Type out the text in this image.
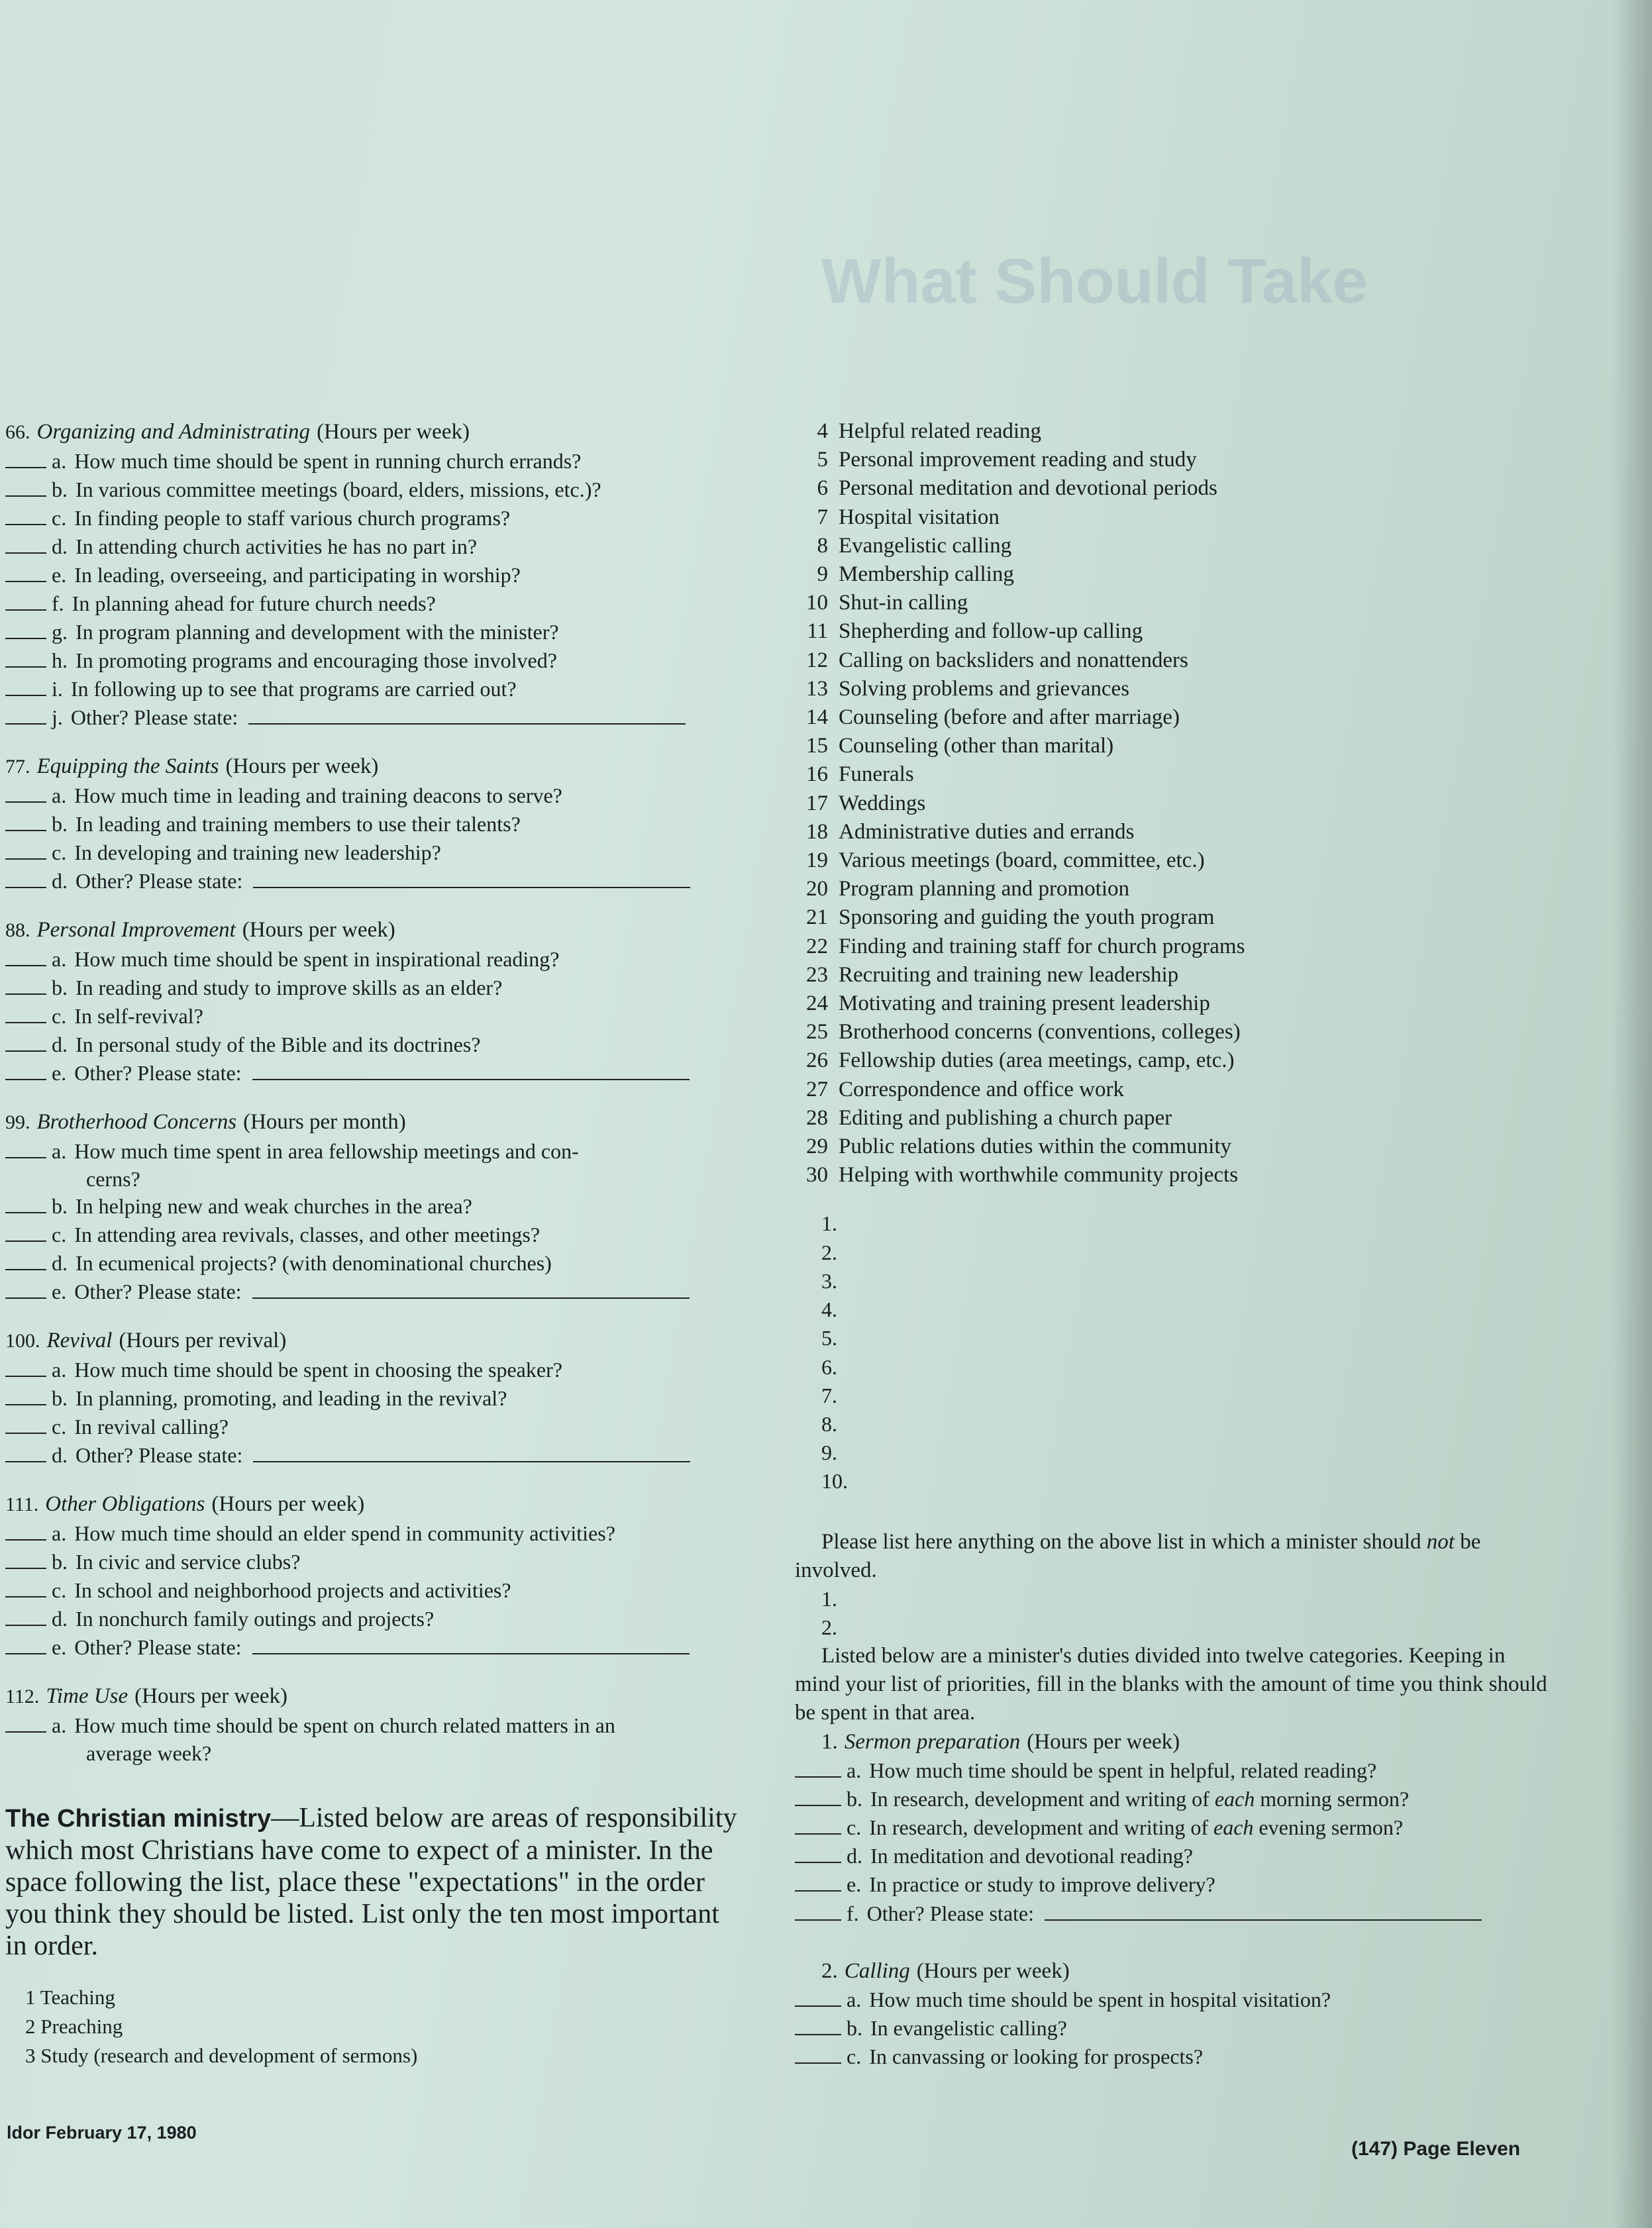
What Should Take
66. Organizing and Administrating (Hours per week)
a. How much time should be spent in running church errands?
b. In various committee meetings (board, elders, missions, etc.)?
c. In finding people to staff various church programs?
d. In attending church activities he has no part in?
e. In leading, overseeing, and participating in worship?
f. In planning ahead for future church needs?
g. In program planning and development with the minister?
h. In promoting programs and encouraging those involved?
i. In following up to see that programs are carried out?
j. Other? Please state:
77. Equipping the Saints (Hours per week)
a. How much time in leading and training deacons to serve?
b. In leading and training members to use their talents?
c. In developing and training new leadership?
d. Other? Please state:
88. Personal Improvement (Hours per week)
a. How much time should be spent in inspirational reading?
b. In reading and study to improve skills as an elder?
c. In self-revival?
d. In personal study of the Bible and its doctrines?
e. Other? Please state:
99. Brotherhood Concerns (Hours per month)
a. How much time spent in area fellowship meetings and con-
cerns?
b. In helping new and weak churches in the area?
c. In attending area revivals, classes, and other meetings?
d. In ecumenical projects? (with denominational churches)
e. Other? Please state:
100. Revival (Hours per revival)
a. How much time should be spent in choosing the speaker?
b. In planning, promoting, and leading in the revival?
c. In revival calling?
d. Other? Please state:
111. Other Obligations (Hours per week)
a. How much time should an elder spend in community activities?
b. In civic and service clubs?
c. In school and neighborhood projects and activities?
d. In nonchurch family outings and projects?
e. Other? Please state:
112. Time Use (Hours per week)
a. How much time should be spent on church related matters in an
average week?
The Christian ministry—Listed below are areas of responsibility which most Christians have come to expect of a minister. In the space following the list, place these "expectations" in the order you think they should be listed. List only the ten most important in order.
1 Teaching
2 Preaching
3 Study (research and development of sermons)
4 Helpful related reading
5 Personal improvement reading and study
6 Personal meditation and devotional periods
7 Hospital visitation
8 Evangelistic calling
9 Membership calling
10 Shut-in calling
11 Shepherding and follow-up calling
12 Calling on backsliders and nonattenders
13 Solving problems and grievances
14 Counseling (before and after marriage)
15 Counseling (other than marital)
16 Funerals
17 Weddings
18 Administrative duties and errands
19 Various meetings (board, committee, etc.)
20 Program planning and promotion
21 Sponsoring and guiding the youth program
22 Finding and training staff for church programs
23 Recruiting and training new leadership
24 Motivating and training present leadership
25 Brotherhood concerns (conventions, colleges)
26 Fellowship duties (area meetings, camp, etc.)
27 Correspondence and office work
28 Editing and publishing a church paper
29 Public relations duties within the community
30 Helping with worthwhile community projects
1.
2.
3.
4.
5.
6.
7.
8.
9.
10.
Please list here anything on the above list in which a minister should not be involved.
1.
2.
Listed below are a minister's duties divided into twelve categories. Keeping in mind your list of priorities, fill in the blanks with the amount of time you think should be spent in that area.
1. Sermon preparation (Hours per week)
a. How much time should be spent in helpful, related reading?
b. In research, development and writing of each morning sermon?
c. In research, development and writing of each evening sermon?
d. In meditation and devotional reading?
e. In practice or study to improve delivery?
f. Other? Please state:
2. Calling (Hours per week)
a. How much time should be spent in hospital visitation?
b. In evangelistic calling?
c. In canvassing or looking for prospects?
ldor February 17, 1980
(147) Page Eleven
